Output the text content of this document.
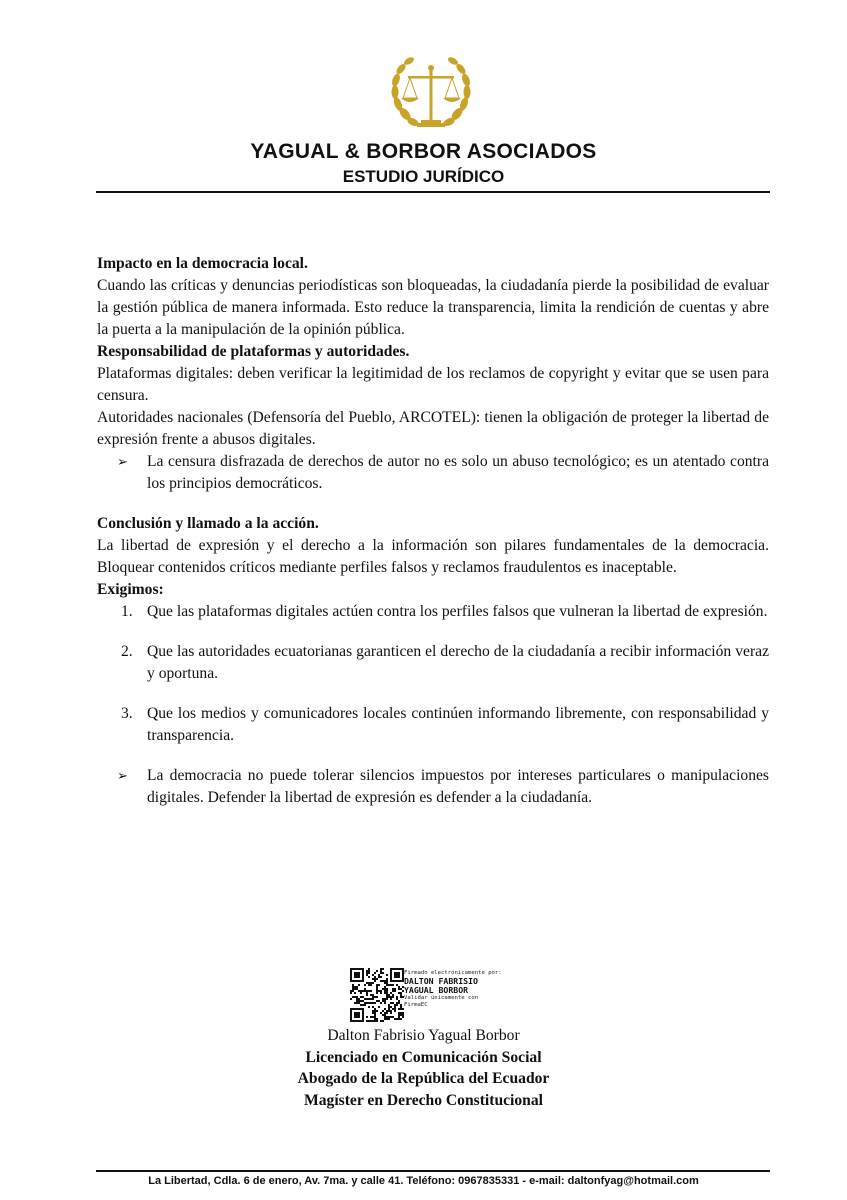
YAGUAL & BORBOR ASOCIADOS
ESTUDIO JURÍDICO
Impacto en la democracia local.

Cuando las críticas y denuncias periodísticas son bloqueadas, la ciudadanía pierde la posibilidad de evaluar la gestión pública de manera informada. Esto reduce la transparencia, limita la rendición de cuentas y abre la puerta a la manipulación de la opinión pública.

Responsabilidad de plataformas y autoridades.

Plataformas digitales: deben verificar la legitimidad de los reclamos de copyright y evitar que se usen para censura.

Autoridades nacionales (Defensoría del Pueblo, ARCOTEL): tienen la obligación de proteger la libertad de expresión frente a abusos digitales.

➢ La censura disfrazada de derechos de autor no es solo un abuso tecnológico; es un atentado contra los principios democráticos.
Conclusión y llamado a la acción.

La libertad de expresión y el derecho a la información son pilares fundamentales de la democracia. Bloquear contenidos críticos mediante perfiles falsos y reclamos fraudulentos es inaceptable.

Exigimos:
1. Que las plataformas digitales actúen contra los perfiles falsos que vulneran la libertad de expresión.
2. Que las autoridades ecuatorianas garanticen el derecho de la ciudadanía a recibir información veraz y oportuna.
3. Que los medios y comunicadores locales continúen informando libremente, con responsabilidad y transparencia.
➢ La democracia no puede tolerar silencios impuestos por intereses particulares o manipulaciones digitales. Defender la libertad de expresión es defender a la ciudadanía.
Firmado electrónicamente por:
DALTON FABRISIO
YAGUAL BORBOR
Validar únicamente con FirmaEC
Dalton Fabrisio Yagual Borbor
Licenciado en Comunicación Social
Abogado de la República del Ecuador
Magíster en Derecho Constitucional
La Libertad, Cdla. 6 de enero, Av. 7ma. y calle 41. Teléfono: 0967835331 - e-mail: daltonfyag@hotmail.com
